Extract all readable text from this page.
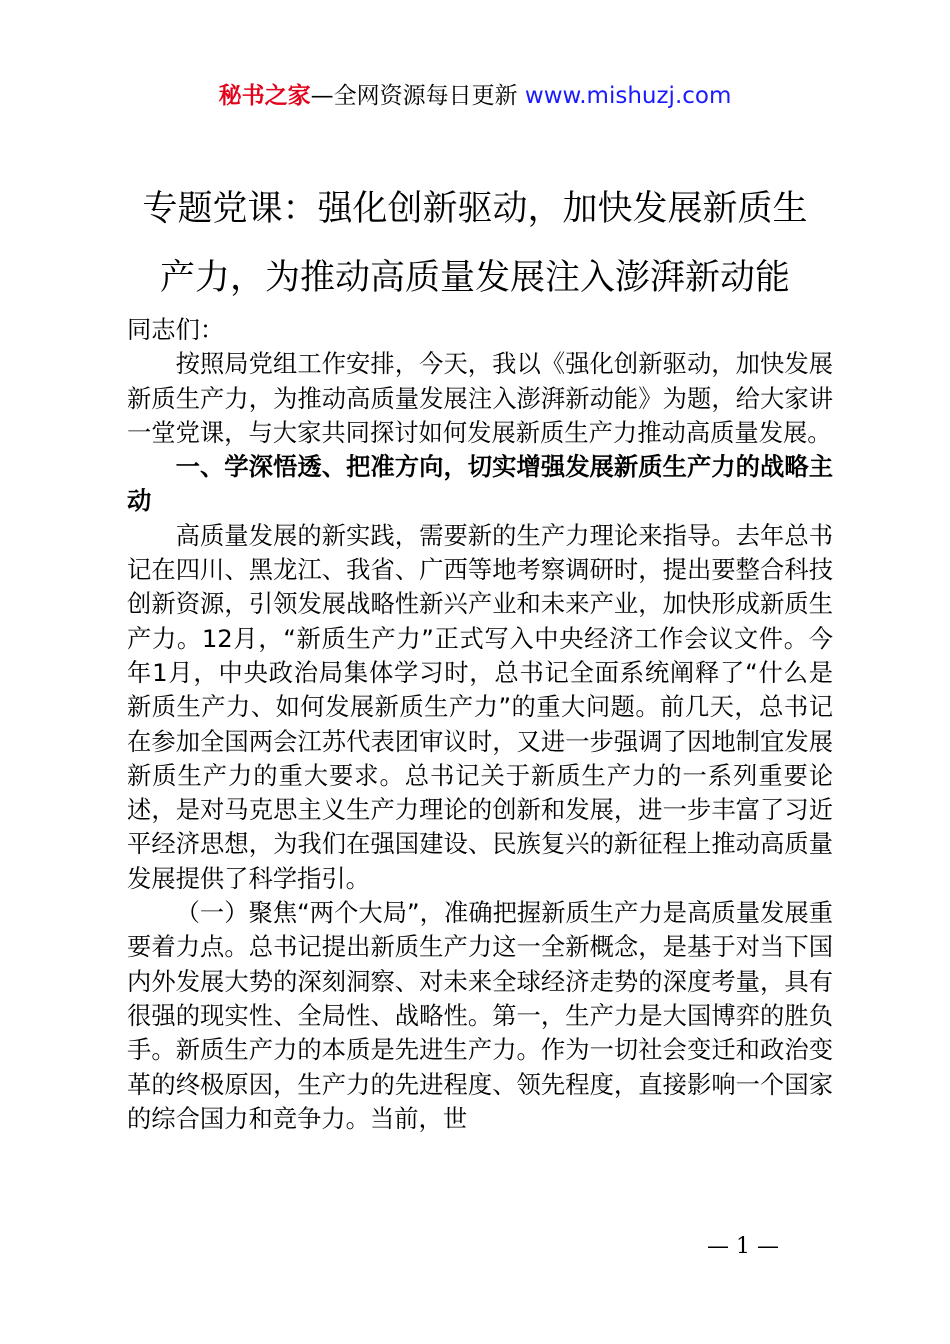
秘书之家—全网资源每日更新 www.mishuzj.com
专题党课：强化创新驱动，加快发展新质生
产力，为推动高质量发展注入澎湃新动能

同志们：

按照局党组工作安排，今天，我以《强化创新驱动，加快发展新质生产力，为推动高质量发展注入澎湃新动能》为题，给大家讲一堂党课，与大家共同探讨如何发展新质生产力推动高质量发展。

一、学深悟透、把准方向，切实增强发展新质生产力的战略主动

高质量发展的新实践，需要新的生产力理论来指导。去年总书记在四川、黑龙江、我省、广西等地考察调研时，提出要整合科技创新资源，引领发展战略性新兴产业和未来产业，加快形成新质生产力。12月，“新质生产力”正式写入中央经济工作会议文件。今年1月，中央政治局集体学习时，总书记全面系统阐释了“什么是新质生产力、如何发展新质生产力”的重大问题。前几天，总书记在参加全国两会江苏代表团审议时，又进一步强调了因地制宜发展新质生产力的重大要求。总书记关于新质生产力的一系列重要论述，是对马克思主义生产力理论的创新和发展，进一步丰富了习近平经济思想，为我们在强国建设、民族复兴的新征程上推动高质量发展提供了科学指引。

（一）聚焦“两个大局”，准确把握新质生产力是高质量发展重要着力点。总书记提出新质生产力这一全新概念，是基于对当下国内外发展大势的深刻洞察、对未来全球经济走势的深度考量，具有很强的现实性、全局性、战略性。第一，生产力是大国博弈的胜负手。新质生产力的本质是先进生产力。作为一切社会变迁和政治变革的终极原因，生产力的先进程度、领先程度，直接影响一个国家的综合国力和竞争力。当前，世

— 1 —
